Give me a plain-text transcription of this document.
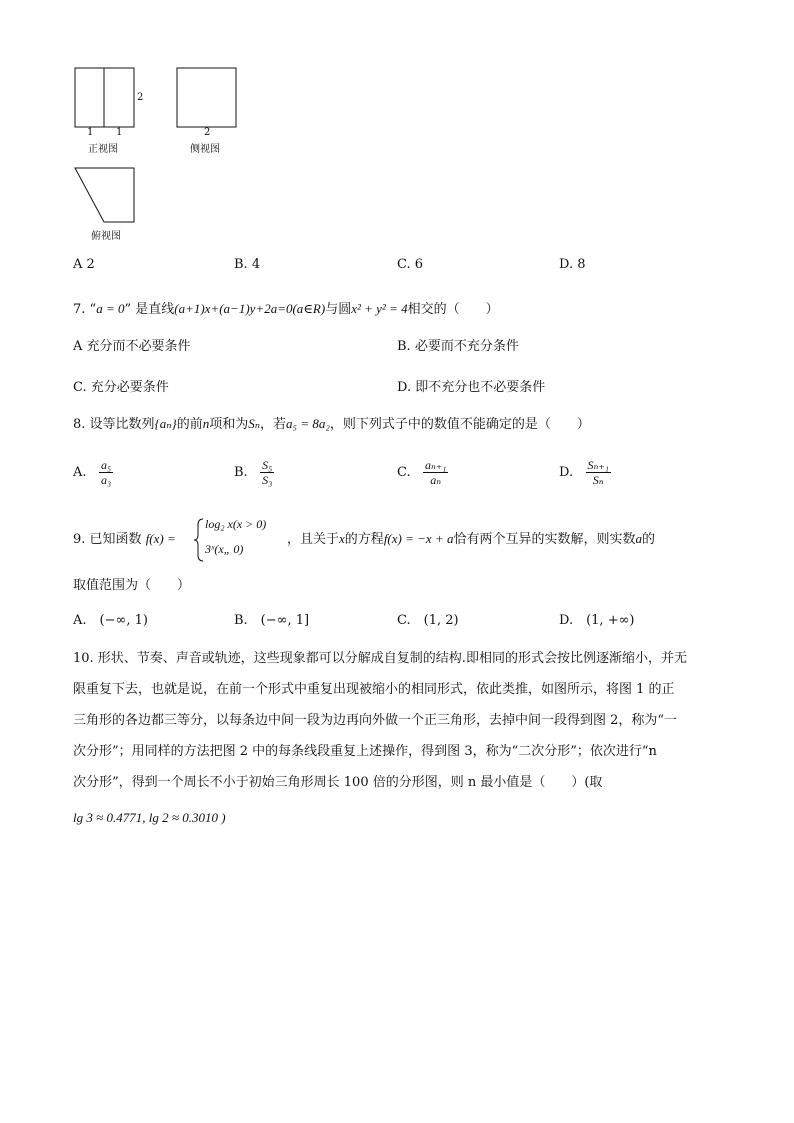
1 1
2
正视图
2
侧视图
俯视图
A 2	B. 4	C. 6	D. 8
7. “a = 0” 是直线(a+1)x+(a−1)y+2a=0(a∈R)与圆x² + y² = 4相交的（　　）
A 充分而不必要条件	B. 必要而不充分条件
C. 充分必要条件	D. 即不充分也不必要条件
8. 设等比数列{aₙ}的前n项和为Sₙ，若a₅ = 8a₂，则下列式子中的数值不能确定的是（　　）
A. $\frac{\text{a₅}}{\text{a₃}}$	B. $\frac{\text{S₅}}{\text{S₃}}$	C. $\frac{\text{aₙ₊₁}}{\text{aₙ}}$	D. $\frac{\text{Sₙ₊₁}}{\text{Sₙ}}$
9. 已知函数 f(x) =
log₂ x(x > 0)
3ˣ(x„ 0)
，且关于x的方程f(x) = −x + a恰有两个互异的实数解，则实数a的
取值范围为（　　）
A.　(−∞, 1)	B.　(−∞, 1]	C.　(1, 2)	D.　(1, +∞)
10. 形状、节奏、声音或轨迹，这些现象都可以分解成自复制的结构.即相同的形式会按比例逐渐缩小，并无
限重复下去，也就是说，在前一个形式中重复出现被缩小的相同形式，依此类推，如图所示，将图 1 的正
三角形的各边都三等分，以每条边中间一段为边再向外做一个正三角形，去掉中间一段得到图 2，称为“一
次分形”；用同样的方法把图 2 中的每条线段重复上述操作，得到图 3，称为“二次分形”；依次进行“n
次分形”，得到一个周长不小于初始三角形周长 100 倍的分形图，则 n 最小值是（　　）(取
lg 3 ≈ 0.4771, lg 2 ≈ 0.3010 )
